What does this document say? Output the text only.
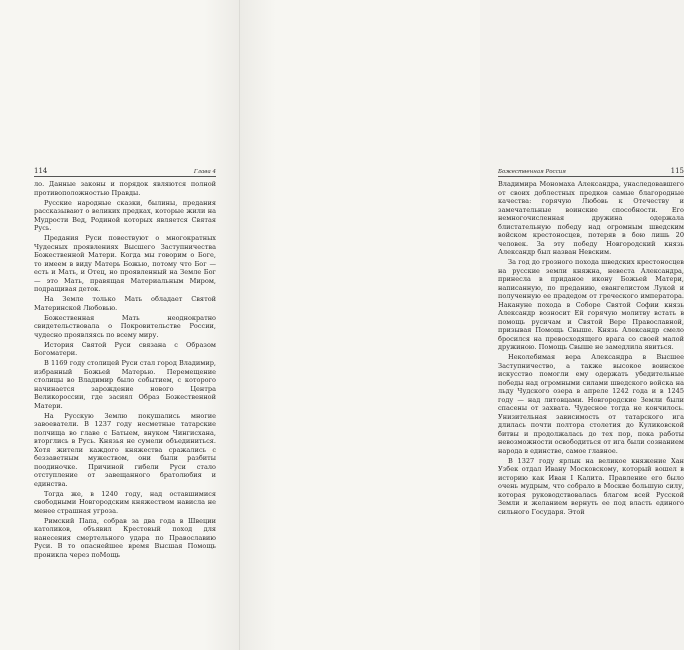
114	Глава 4

ло. Данные законы и порядок являются полной противоположностью Правды.

Русские народные сказки, былины, предания рассказывают о великих предках, которые жили на Мудрости Вед, Родиной которых является Святая Русь.

Предания Руси повествуют о многократных Чудесных проявлениях Высшего Заступничества Божественной Матери. Когда мы говорим о Боге, то имеем в виду Матерь Божью, потому что Бог — есть и Мать, и Отец, но проявленный на Земле Бог — это Мать, правящая Материальным Миром, подращивая деток.

На Земле только Мать обладает Святой Материнской Любовью.

Божественная Мать неоднократно свидетельствовала о Покровительстве России, чудесно проявляясь по всему миру.

История Святой Руси связана с Образом Богоматери.

В 1169 году столицей Руси стал город Владимир, избранный Божьей Матерью. Перемещение столицы во Владимир было событием, с которого начинается зарождение нового Центра Великороссии, где засиял Образ Божественной Матери.

На Русскую Землю покушались многие завоеватели. В 1237 году несметные татарские полчища во главе с Батыем, внуком Чингисхана, вторглись в Русь. Князья не сумели объединиться. Хотя жители каждого княжества сражались с беззаветным мужеством, они были разбиты поодиночке. Причиной гибели Руси стало отступление от завещанного братолюбия и единства.

Тогда же, в 1240 году, над оставшимися свободными Новгородским княжеством нависла не менее страшная угроза.

Римский Папа, собрав за два года в Швеции католиков, объявил Крестовый поход для нанесения смертельного удара по Православию Руси. В то опаснейшее время Высшая Помощь проникла через поМощь

Божественная Россия	115

Владимира Мономаха Александра, унаследовавшего от своих доблестных предков самые благородные качества: горячую Любовь к Отечеству и замечательные воинские способности. Его немногочисленная дружина одержала блистательную победу над огромным шведским войском крестоносцев, потеряв в бою лишь 20 человек. За эту победу Новгородский князь Александр был назван Невским.

За год до грозного похода шведских крестоносцев на русские земли княжна, невеста Александра, принесла в приданое икону Божьей Матери, написанную, по преданию, евангелистом Лукой и полученную ее прадедом от греческого императора. Накануне похода в Соборе Святой Софии князь Александр возносит Ей горячую молитву встать в помощь русичам и Святой Вере Православной, призывая Помощь Свыше. Князь Александр смело бросился на превосходящего врага со своей малой дружиною. Помощь Свыше не замедлила явиться.

Неколебимая вера Александра в Высшее Заступничество, а также высокое воинское искусство помогли ему одержать убедительные победы над огромными силами шведского войска на льду Чудского озера в апреле 1242 года и в 1245 году — над литовцами. Новгородские Земли были спасены от захвата. Чудесное тогда не кончилось. Унизительная зависимость от татарского ига длилась почти полтора столетия до Куликовской битвы и продолжалась до тех пор, пока работы невозможности освободиться от ига были сознанием народа в единстве, самое главное.

В 1327 году ярлык на великое княжение Хан Узбек отдал Ивану Московскому, который вошел в историю как Иван I Калита. Правление его было очень мудрым, что собрало в Москве большую силу, которая руководствовалась благом всей Русской Земли и желанием вернуть ее под власть единого сильного Государя. Этой
